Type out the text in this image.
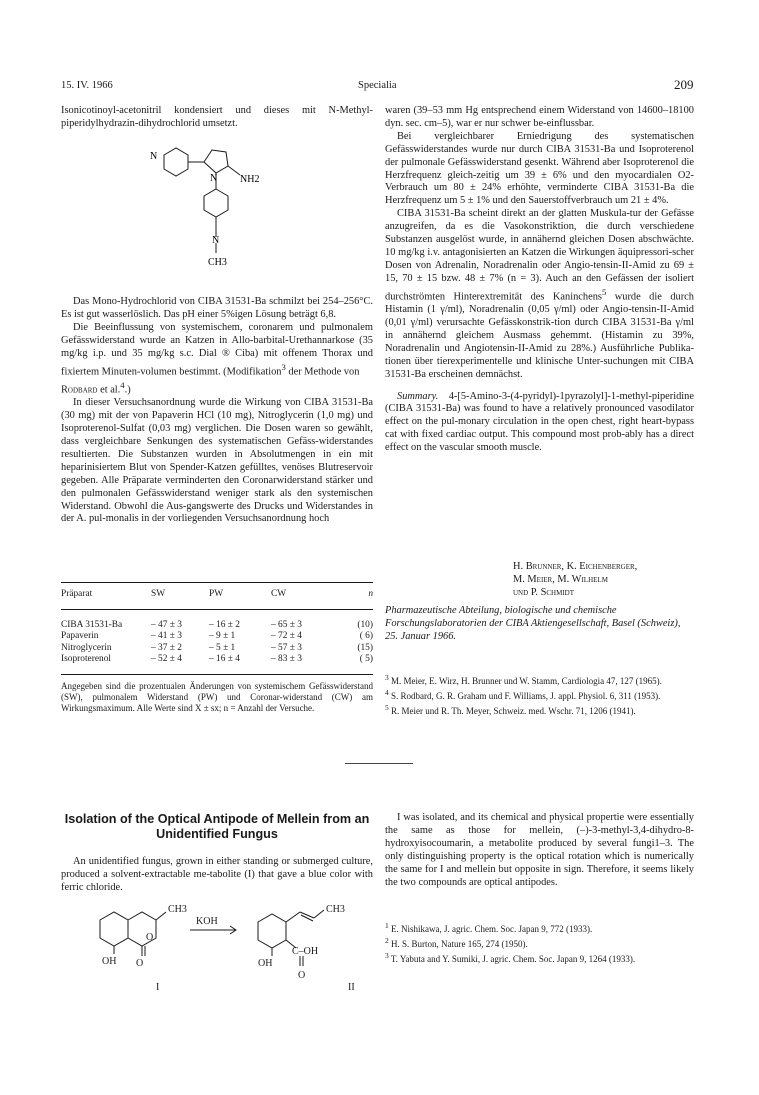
15. IV. 1966	Specialia	209

Isonicotinoyl-acetonitril kondensiert und dieses mit N-Methyl-piperidylhydrazin-dihydrochlorid umsetzt.

N
N NH2
N
CH3

Das Mono-Hydrochlorid von CIBA 31531-Ba schmilzt bei 254–256°C. Es ist gut wasserlöslich. Das pH einer 5%igen Lösung beträgt 6,8.

Die Beeinflussung von systemischem, coronarem und pulmonalem Gefässwiderstand wurde an Katzen in Allo-barbital-Urethannarkose (35 mg/kg i.p. und 35 mg/kg s.c. Dial ® Ciba) mit offenem Thorax und fixiertem Minuten-volumen bestimmt. (Modifikation$^3$ der Methode von
Rodbard et al.$^4$.)

In dieser Versuchsanordnung wurde die Wirkung von CIBA 31531-Ba (30 mg) mit der von Papaverin HCl (10 mg), Nitroglycerin (1,0 mg) und Isoproterenol-Sulfat (0,03 mg) verglichen. Die Dosen waren so gewählt, dass vergleichbare Senkungen des systematischen Gefäss-widerstandes resultierten. Die Substanzen wurden in Absolutmengen in ein mit heparinisiertem Blut von Spender-Katzen gefülltes, venöses Blutreservoir gegeben. Alle Präparate verminderten den Coronarwiderstand stärker und den pulmonalen Gefässwiderstand weniger stark als den systemischen Widerstand. Obwohl die Aus-gangswerte des Drucks und Widerstandes in der A. pul-monalis in der vorliegenden Versuchsanordnung hoch

Präparat	SW	PW	CW	n
CIBA 31531-Ba	– 47 ± 3	– 16 ± 2	– 65 ± 3	(10)
Papaverin	– 41 ± 3	– 9 ± 1	– 72 ± 4	( 6)
Nitroglycerin	– 37 ± 2	– 5 ± 1	– 57 ± 3	(15)
Isoproterenol	– 52 ± 4	– 16 ± 4	– 83 ± 3	( 5)
Angegeben sind die prozentualen Änderungen von systemischem Gefässwiderstand (SW), pulmonalem Widerstand (PW) und Coronar-widerstand (CW) am Wirkungsmaximum. Alle Werte sind X ± sx; n = Anzahl der Versuche.

waren (39–53 mm Hg entsprechend einem Widerstand von 14600–18100 dyn. sec. cm–5), war er nur schwer be-einflussbar.

Bei vergleichbarer Erniedrigung des systematischen Gefässwiderstandes wurde nur durch CIBA 31531-Ba und Isoproterenol der pulmonale Gefässwiderstand gesenkt. Während aber Isoproterenol die Herzfrequenz gleich-zeitig um 39 ± 6% und den myocardialen O2-Verbrauch um 80 ± 24% erhöhte, verminderte CIBA 31531-Ba die Herzfrequenz um 5 ± 1% und den Sauerstoffverbrauch um 21 ± 4%.

CIBA 31531-Ba scheint direkt an der glatten Muskula-tur der Gefässe anzugreifen, da es die Vasokonstriktion, die durch verschiedene Substanzen ausgelöst wurde, in annähernd gleichen Dosen abschwächte. 10 mg/kg i.v. antagonisierten an Katzen die Wirkungen äquipressori-scher Dosen von Adrenalin, Noradrenalin oder Angio-tensin-II-Amid zu 69 ± 15, 70 ± 15 bzw. 48 ± 7% (n = 3). Auch an den Gefässen der isoliert durchströmten Hinterextremität des Kaninchens$^5$ wurde die durch Histamin (1 γ/ml), Noradrenalin (0,05 γ/ml) oder Angio-tensin-II-Amid (0,01 γ/ml) verursachte Gefässkonstrik-tion durch CIBA 31531-Ba γ/ml in annähernd gleichem Ausmass gehemmt. (Histamin zu 39%, Noradrenalin und Angiotensin-II-Amid zu 28%.) Ausführliche Publika-tionen über tierexperimentelle und klinische Unter-suchungen mit CIBA 31531-Ba erscheinen demnächst.

Summary. 4-[5-Amino-3-(4-pyridyl)-1pyrazolyl]-1-methyl-piperidine (CIBA 31531-Ba) was found to have a relatively pronounced vasodilator effect on the pul-monary circulation in the open chest, right heart-bypass cat with fixed cardiac output. This compound most prob-ably has a direct effect on the vascular smooth muscle.

H. Brunner, K. Eichenberger,
M. Meier, M. Wilhelm
und P. Schmidt
Pharmazeutische Abteilung, biologische und chemische Forschungslaboratorien der CIBA Aktiengesellschaft, Basel (Schweiz), 25. Januar 1966.

$^3$ M. Meier, E. Wirz, H. Brunner und W. Stamm, Cardiologia 47, 127 (1965).

$^4$ S. Rodbard, G. R. Graham und F. Williams, J. appl. Physiol. 6, 311 (1953).

$^5$ R. Meier und R. Th. Meyer, Schweiz. med. Wschr. 71, 1206 (1941).

Isolation of the Optical Antipode of Mellein from an Unidentified Fungus

An unidentified fungus, grown in either standing or submerged culture, produced a solvent-extractable me-tabolite (I) that gave a blue color with ferric chloride.

CH3
O
OH O
I
KOH
CH3
C–OH
OH
O
II

I was isolated, and its chemical and physical propertie were essentially the same as those for mellein, (–)-3-methyl-3,4-dihydro-8-hydroxyisocoumarin, a metabolite produced by several fungi1–3. The only distinguishing property is the optical rotation which is numerically the same for I and mellein but opposite in sign. Therefore, it seems likely the two compounds are optical antipodes.

$^1$ E. Nishikawa, J. agric. Chem. Soc. Japan 9, 772 (1933).

$^2$ H. S. Burton, Nature 165, 274 (1950).

$^3$ T. Yabuta and Y. Sumiki, J. agric. Chem. Soc. Japan 9, 1264 (1933).
